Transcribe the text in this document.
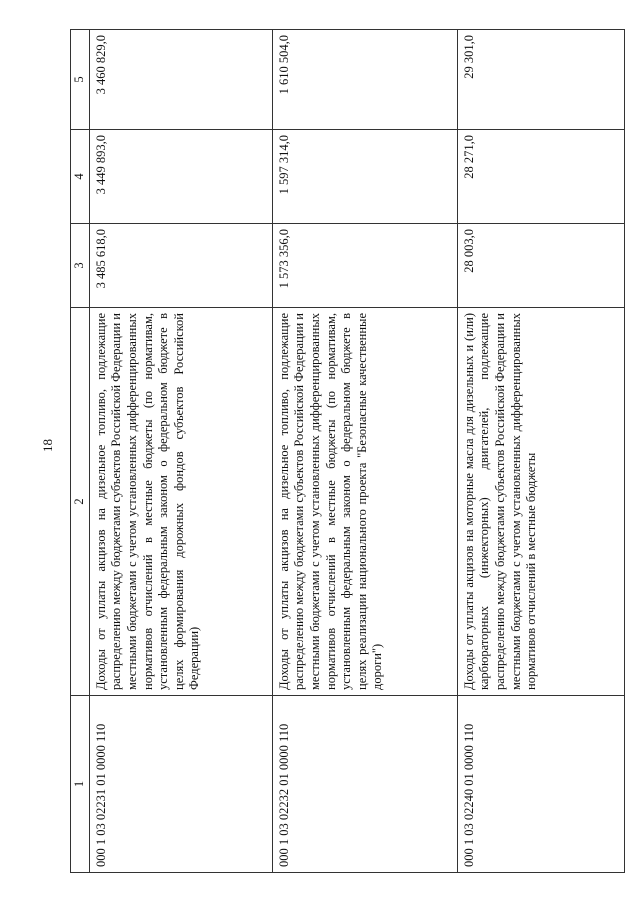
18
1	2	3	4	5
000 1 03 02231 01 0000 110	Доходы от уплаты акцизов на дизельное топливо, подлежащие распределению между бюджетами субъектов Российской Федерации и местными бюджетами с учетом установленных дифференцированных нормативов отчислений в местные бюджеты (по нормативам, установленным федеральным законом о федеральном бюджете в целях формирования дорожных фондов субъектов Российской Федерации)	3 485 618,0	3 449 893,0	3 460 829,0
000 1 03 02232 01 0000 110	Доходы от уплаты акцизов на дизельное топливо, подлежащие распределению между бюджетами субъектов Российской Федерации и местными бюджетами с учетом установленных дифференцированных нормативов отчислений в местные бюджеты (по нормативам, установленным федеральным законом о федеральном бюджете в целях реализации национального проекта "Безопасные качественные дороги")	1 573 356,0	1 597 314,0	1 610 504,0
000 1 03 02240 01 0000 110	Доходы от уплаты акцизов на моторные масла для дизельных и (или) карбюраторных (инжекторных) двигателей, подлежащие распределению между бюджетами субъектов Российской Федерации и местными бюджетами с учетом установленных дифференцированных нормативов отчислений в местные бюджеты	28 003,0	28 271,0	29 301,0
